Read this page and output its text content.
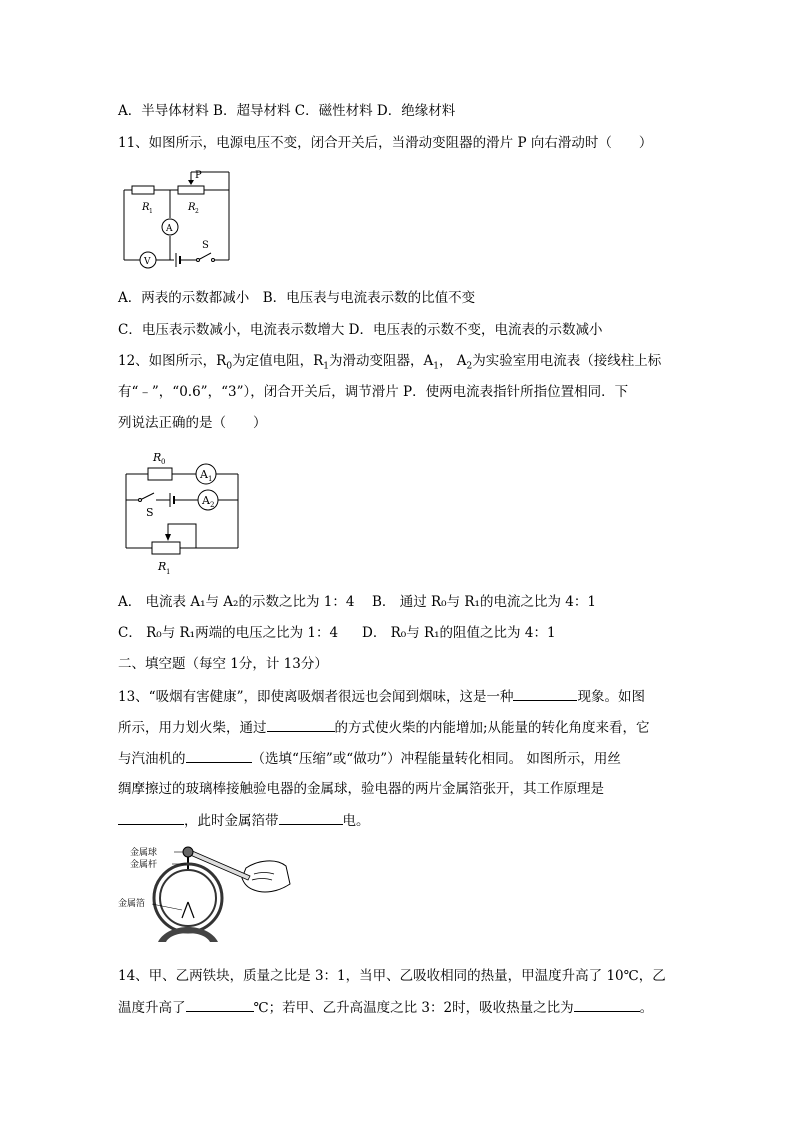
A．半导体材料 B．超导材料 C．磁性材料 D．绝缘材料
11、如图所示，电源电压不变，闭合开关后，当滑动变阻器的滑片 P 向右滑动时（　　）
P
R 1	R 2
A
S
V
A．两表的示数都减小　B．电压表与电流表示数的比值不变
C．电压表示数减小，电流表示数增大 D．电压表的示数不变，电流表的示数减小
12、如图所示，$R_0$为定值电阻，$R_1$为滑动变阻器，$A_1$， $A_2$为实验室用电流表（接线柱上标
有“﹣”，“0.6”，“3”），闭合开关后，调节滑片 P．使两电流表指针所指位置相同．下
列说法正确的是（　　）
R 0
A 1
A 2
S
R 1
A． 电流表 A₁与 A₂的示数之比为 1：4 B． 通过 R₀与 R₁的电流之比为 4：1
C． R₀与 R₁两端的电压之比为 1：4 D． R₀与 R₁的阻值之比为 4：1
二、填空题（每空 1分，计 13分）
13、“吸烟有害健康”，即使离吸烟者很远也会闻到烟味，这是一种	现象。如图
所示，用力划火柴，通过	的方式使火柴的内能增加;从能量的转化角度来看，它
与汽油机的	（选填“压缩”或“做功”）冲程能量转化相同。 如图所示，用丝
绸摩擦过的玻璃棒接触验电器的金属球，验电器的两片金属箔张开，其工作原理是
，此时金属箔带	电。
金属球
金属杆
金属箔
14、甲、乙两铁块，质量之比是 3：1，当甲、乙吸收相同的热量，甲温度升高了 10℃，乙
温度升高了	℃；若甲、乙升高温度之比 3：2时，吸收热量之比为	。
